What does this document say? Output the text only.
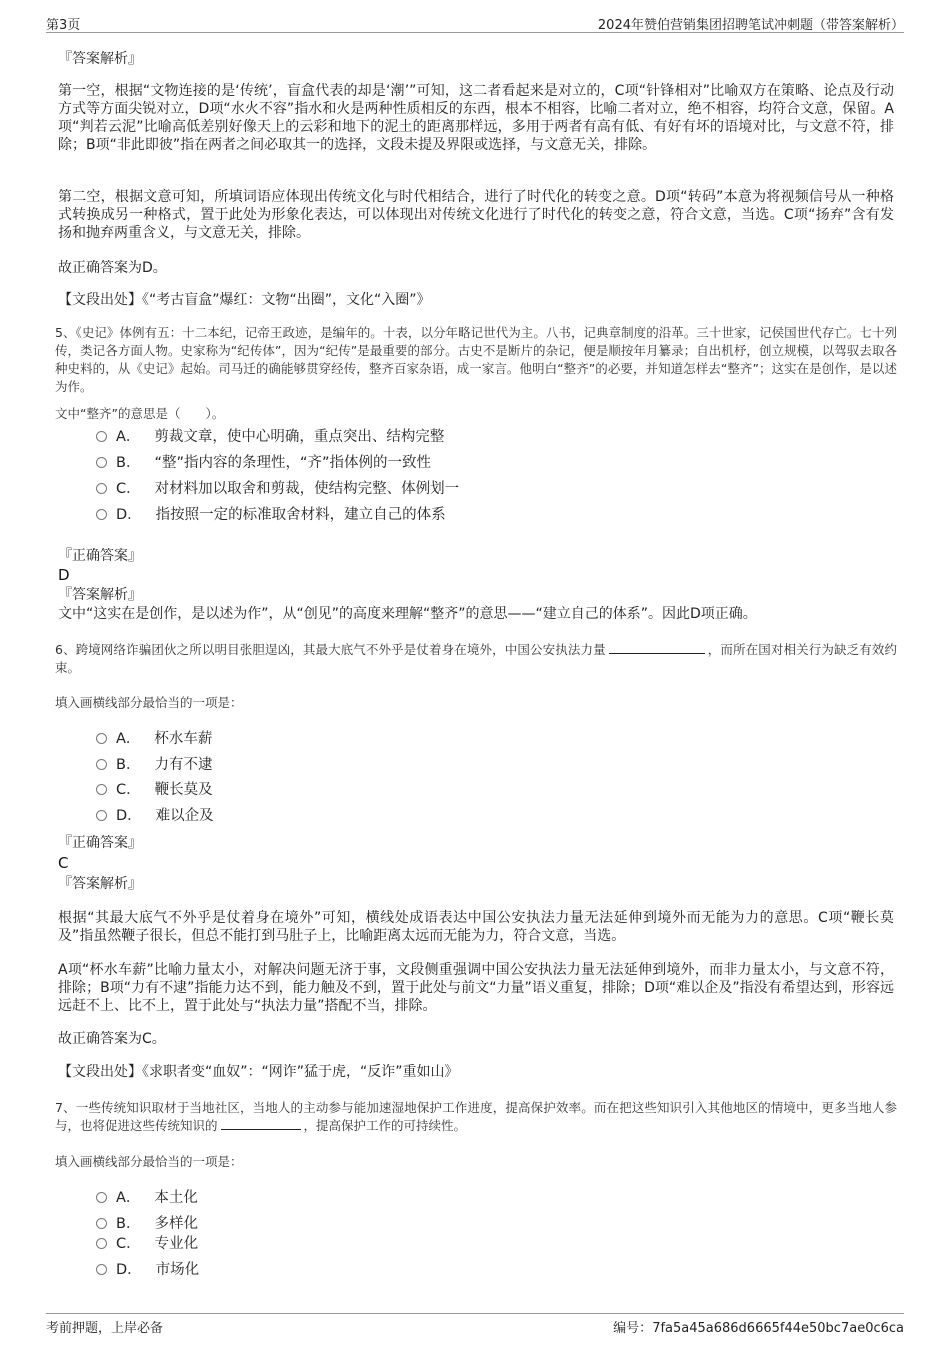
第3页	2024年赞伯营销集团招聘笔试冲刺题（带答案解析）
『答案解析』

第一空，根据“文物连接的是‘传统’，盲盒代表的却是‘潮’”可知，这二者看起来是对立的，C项“针锋相对”比喻双方在策略、论点及行动方式等方面尖锐对立，D项“水火不容”指水和火是两种性质相反的东西，根本不相容，比喻二者对立，绝不相容，均符合文意，保留。A项“判若云泥”比喻高低差别好像天上的云彩和地下的泥土的距离那样远，多用于两者有高有低、有好有坏的语境对比，与文意不符，排除；B项“非此即彼”指在两者之间必取其一的选择，文段未提及界限或选择，与文意无关，排除。

第二空，根据文意可知，所填词语应体现出传统文化与时代相结合，进行了时代化的转变之意。D项“转码”本意为将视频信号从一种格式转换成另一种格式，置于此处为形象化表达，可以体现出对传统文化进行了时代化的转变之意，符合文意，当选。C项“扬弃”含有发扬和抛弃两重含义，与文意无关，排除。

故正确答案为D。
【文段出处】《“考古盲盒”爆红：文物“出圈”，文化“入圈”》
5、《史记》体例有五：十二本纪，记帝王政迹，是编年的。十表，以分年略记世代为主。八书，记典章制度的沿革。三十世家，记侯国世代存亡。七十列传，类记各方面人物。史家称为“纪传体”，因为“纪传”是最重要的部分。古史不是断片的杂记，便是顺按年月纂录；自出机杼，创立规模，以驾驭去取各种史料的，从《史记》起始。司马迁的确能够贯穿经传，整齐百家杂语，成一家言。他明白“整齐”的必要，并知道怎样去“整齐”；这实在是创作，是以述为作。
文中“整齐”的意思是（　　）。
A． 剪裁文章，使中心明确，重点突出、结构完整
B． “整”指内容的条理性，“齐”指体例的一致性
C． 对材料加以取舍和剪裁，使结构完整、体例划一
D． 指按照一定的标准取舍材料，建立自己的体系
『正确答案』
D
『答案解析』
文中“这实在是创作，是以述为作”，从“创见”的高度来理解“整齐”的意思——“建立自己的体系”。因此D项正确。
6、跨境网络诈骗团伙之所以明目张胆逞凶，其最大底气不外乎是仗着身在境外，中国公安执法力量	，而所在国对相关行为缺乏有效约束。
填入画横线部分最恰当的一项是：
A． 杯水车薪
B． 力有不逮
C． 鞭长莫及
D． 难以企及
『正确答案』
C
『答案解析』

根据“其最大底气不外乎是仗着身在境外”可知，横线处成语表达中国公安执法力量无法延伸到境外而无能为力的意思。C项“鞭长莫及”指虽然鞭子很长，但总不能打到马肚子上，比喻距离太远而无能为力，符合文意，当选。

A项“杯水车薪”比喻力量太小，对解决问题无济于事，文段侧重强调中国公安执法力量无法延伸到境外，而非力量太小，与文意不符，排除；B项“力有不逮”指能力达不到，能力触及不到，置于此处与前文“力量”语义重复，排除；D项“难以企及”指没有希望达到，形容远远赶不上、比不上，置于此处与“执法力量”搭配不当，排除。

故正确答案为C。
【文段出处】《求职者变“血奴”：“网诈”猛于虎，“反诈”重如山》
7、一些传统知识取材于当地社区，当地人的主动参与能加速湿地保护工作进度，提高保护效率。而在把这些知识引入其他地区的情境中，更多当地人参与，也将促进这些传统知识的	，提高保护工作的可持续性。
填入画横线部分最恰当的一项是：
A． 本土化
B． 多样化
C． 专业化
D． 市场化
考前押题，上岸必备	编号：7fa5a45a686d6665f44e50bc7ae0c6ca
